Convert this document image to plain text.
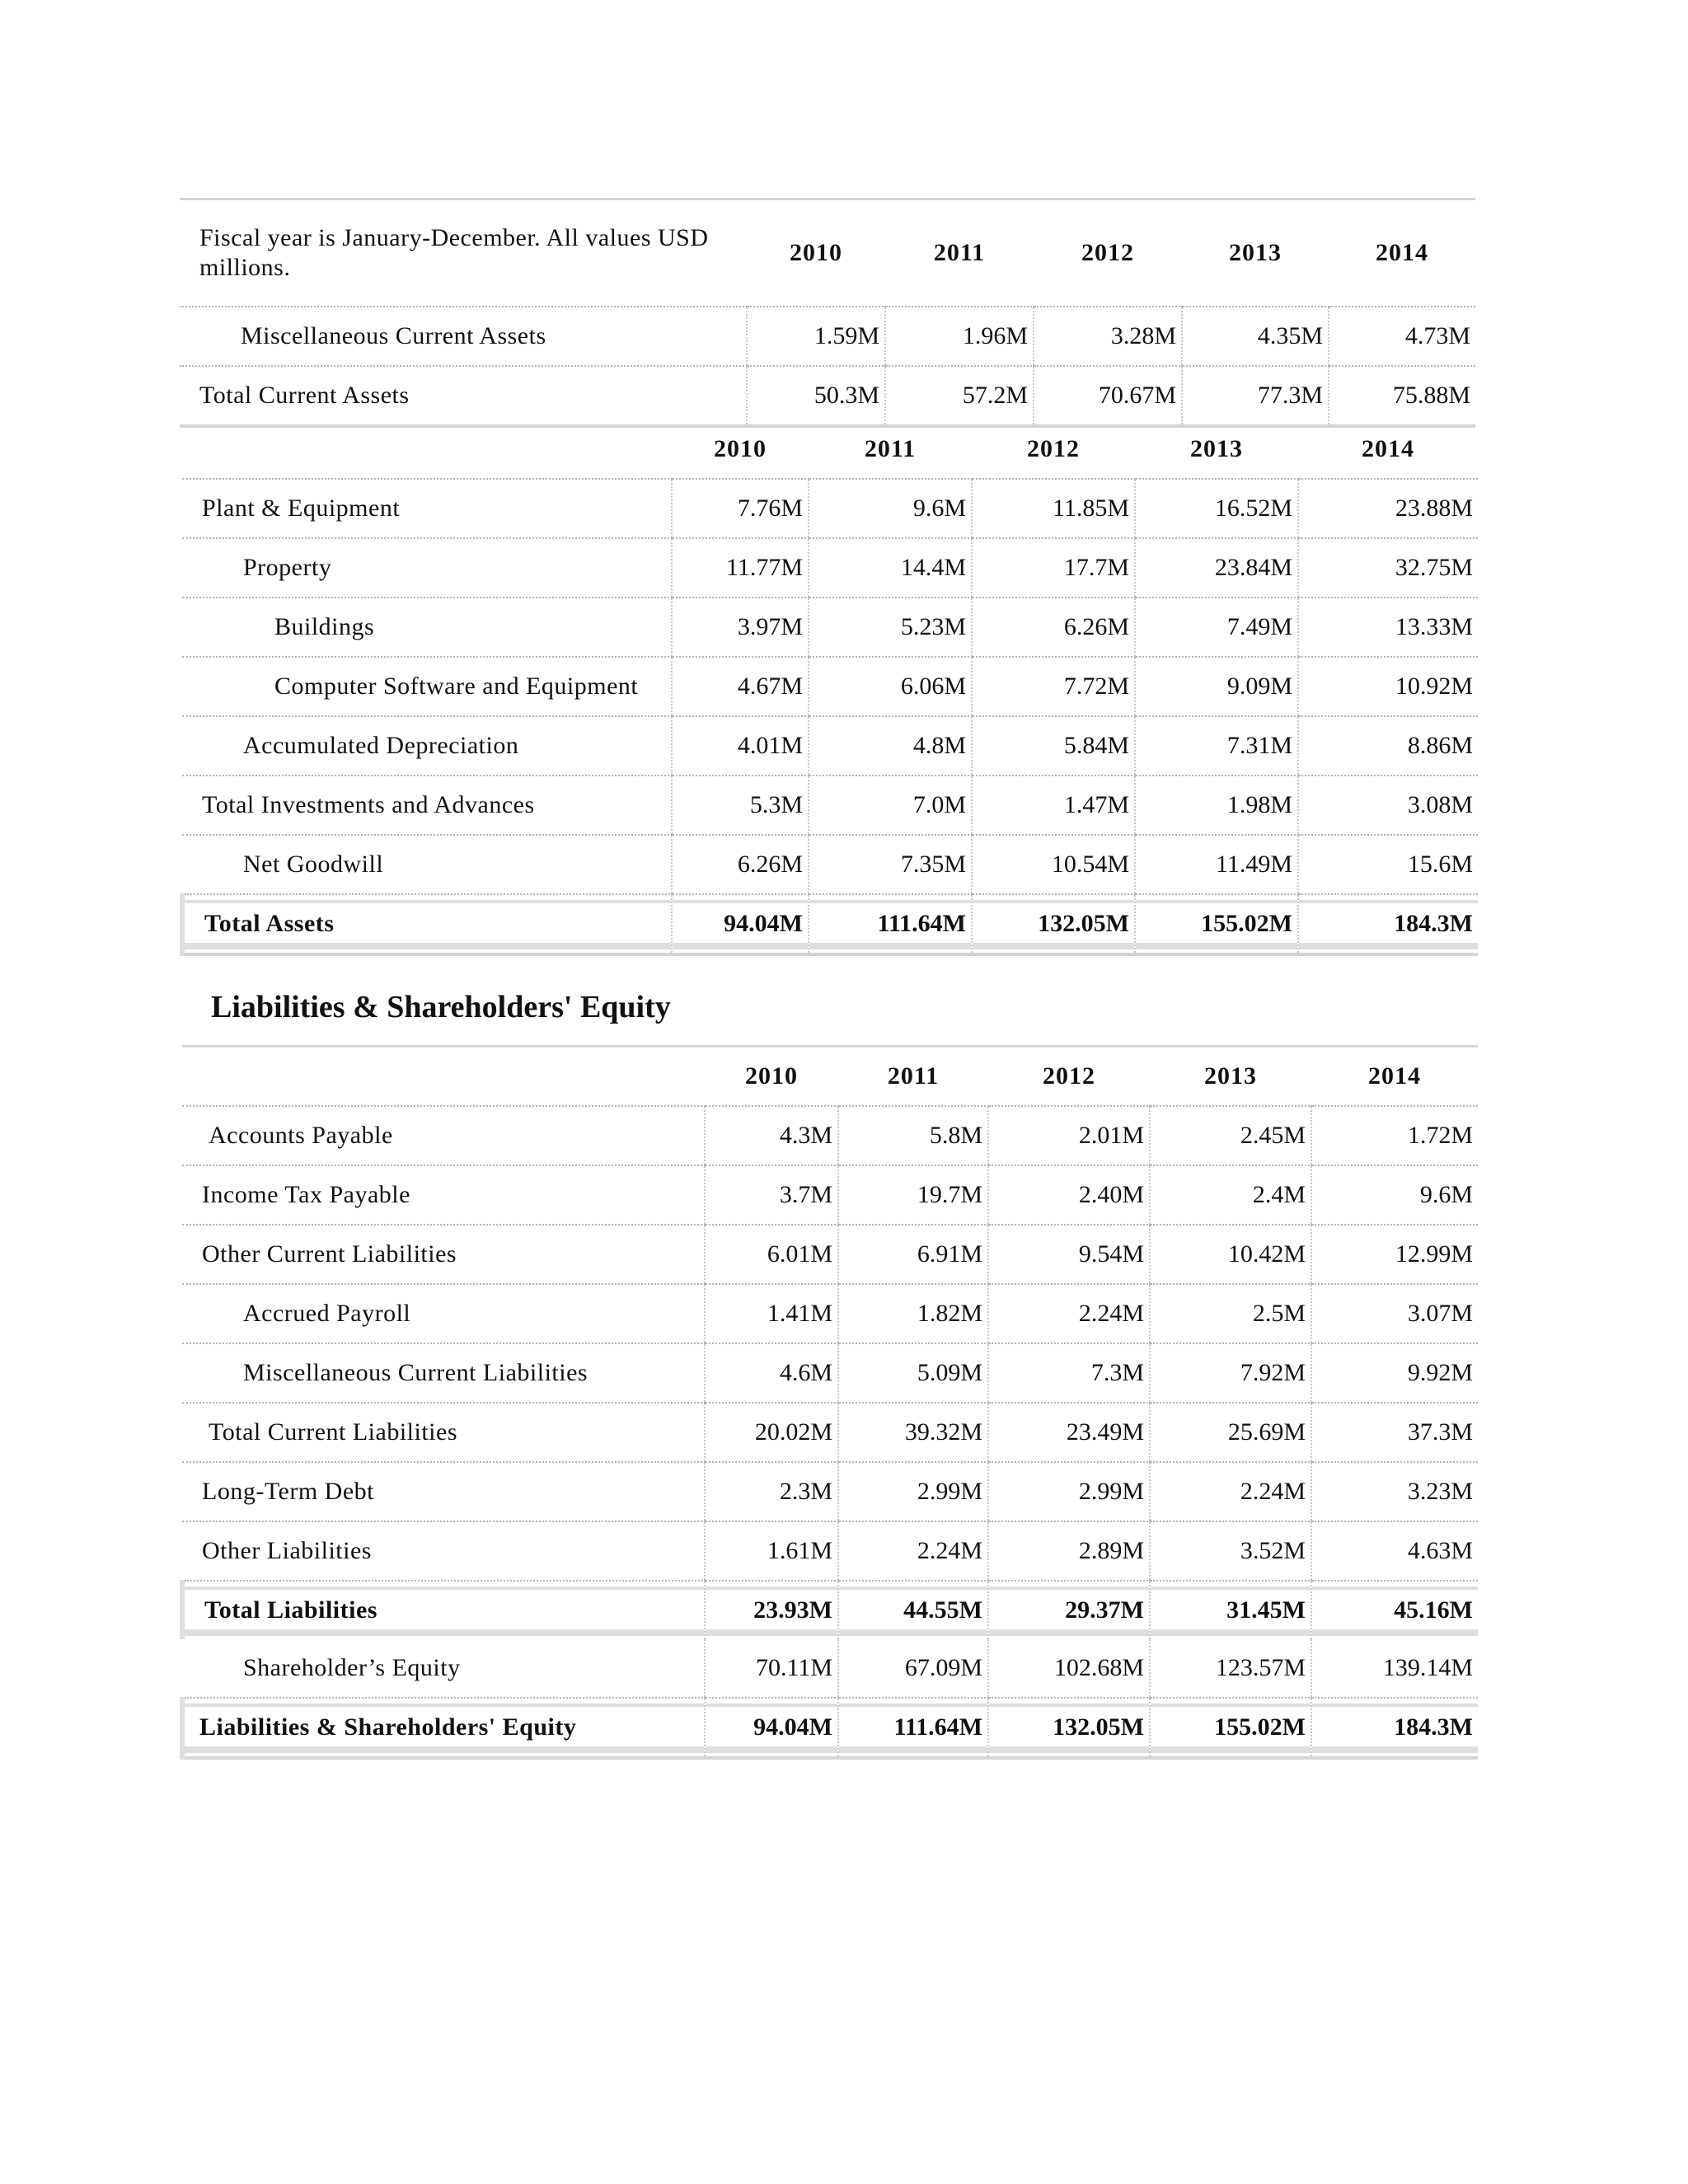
Fiscal year is January-December. All values USD millions.	2010	2011	2012	2013	2014
Miscellaneous Current Assets	1.59M	1.96M	3.28M	4.35M	4.73M
Total Current Assets	50.3M	57.2M	70.67M	77.3M	75.88M
	2010	2011	2012	2013	2014
Plant & Equipment	7.76M	9.6M	11.85M	16.52M	23.88M
Property	11.77M	14.4M	17.7M	23.84M	32.75M
Buildings	3.97M	5.23M	6.26M	7.49M	13.33M
Computer Software and Equipment	4.67M	6.06M	7.72M	9.09M	10.92M
Accumulated Depreciation	4.01M	4.8M	5.84M	7.31M	8.86M
Total Investments and Advances	5.3M	7.0M	1.47M	1.98M	3.08M
Net Goodwill	6.26M	7.35M	10.54M	11.49M	15.6M
Total Assets	94.04M	111.64M	132.05M	155.02M	184.3M
Liabilities & Shareholders' Equity
	2010	2011	2012	2013	2014
Accounts Payable	4.3M	5.8M	2.01M	2.45M	1.72M
Income Tax Payable	3.7M	19.7M	2.40M	2.4M	9.6M
Other Current Liabilities	6.01M	6.91M	9.54M	10.42M	12.99M
Accrued Payroll	1.41M	1.82M	2.24M	2.5M	3.07M
Miscellaneous Current Liabilities	4.6M	5.09M	7.3M	7.92M	9.92M
Total Current Liabilities	20.02M	39.32M	23.49M	25.69M	37.3M
Long-Term Debt	2.3M	2.99M	2.99M	2.24M	3.23M
Other Liabilities	1.61M	2.24M	2.89M	3.52M	4.63M
Total Liabilities	23.93M	44.55M	29.37M	31.45M	45.16M
Shareholder’s Equity	70.11M	67.09M	102.68M	123.57M	139.14M
Liabilities & Shareholders' Equity	94.04M	111.64M	132.05M	155.02M	184.3M
